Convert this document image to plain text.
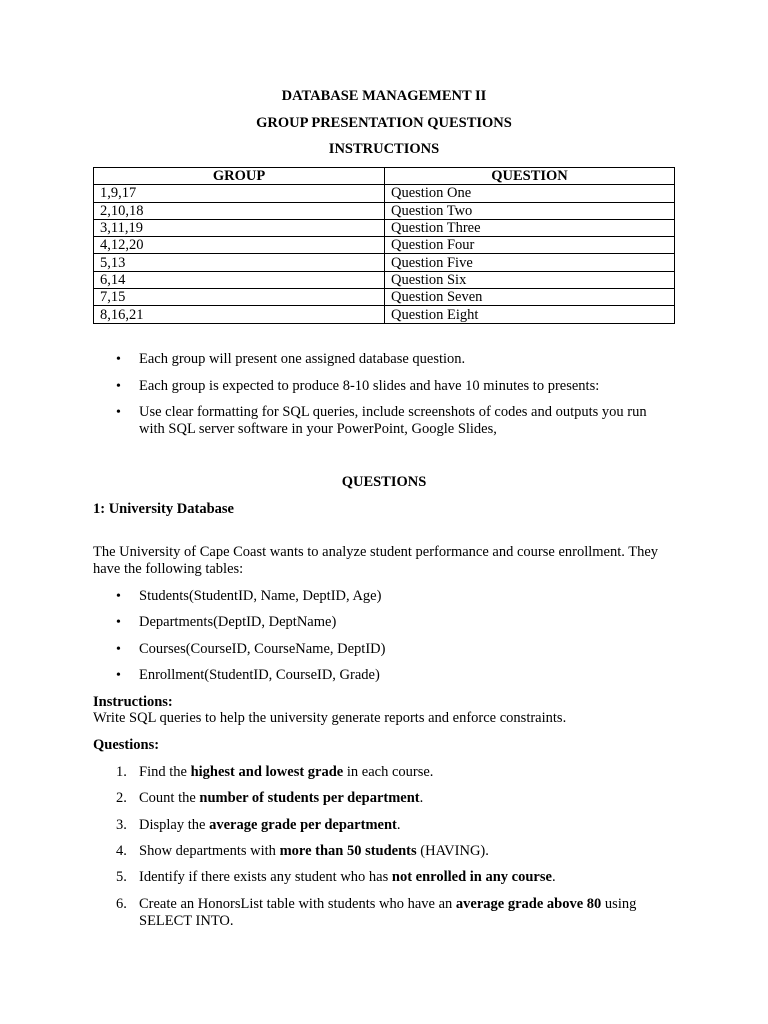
DATABASE MANAGEMENT II
GROUP PRESENTATION QUESTIONS
INSTRUCTIONS
GROUP	QUESTION
1,9,17	Question One
2,10,18	Question Two
3,11,19	Question Three
4,12,20	Question Four
5,13	Question Five
6,14	Question Six
7,15	Question Seven
8,16,21	Question Eight
• Each group will present one assigned database question.
• Each group is expected to produce 8-10 slides and have 10 minutes to presents:
• Use clear formatting for SQL queries, include screenshots of codes and outputs you run with SQL server software in your PowerPoint, Google Slides,
QUESTIONS
1: University Database
The University of Cape Coast wants to analyze student performance and course enrollment. They have the following tables:
• Students(StudentID, Name, DeptID, Age)
• Departments(DeptID, DeptName)
• Courses(CourseID, CourseName, DeptID)
• Enrollment(StudentID, CourseID, Grade)
Instructions:
Write SQL queries to help the university generate reports and enforce constraints.
Questions:
1. Find the highest and lowest grade in each course.
2. Count the number of students per department.
3. Display the average grade per department.
4. Show departments with more than 50 students (HAVING).
5. Identify if there exists any student who has not enrolled in any course.
6. Create an HonorsList table with students who have an average grade above 80 using SELECT INTO.
